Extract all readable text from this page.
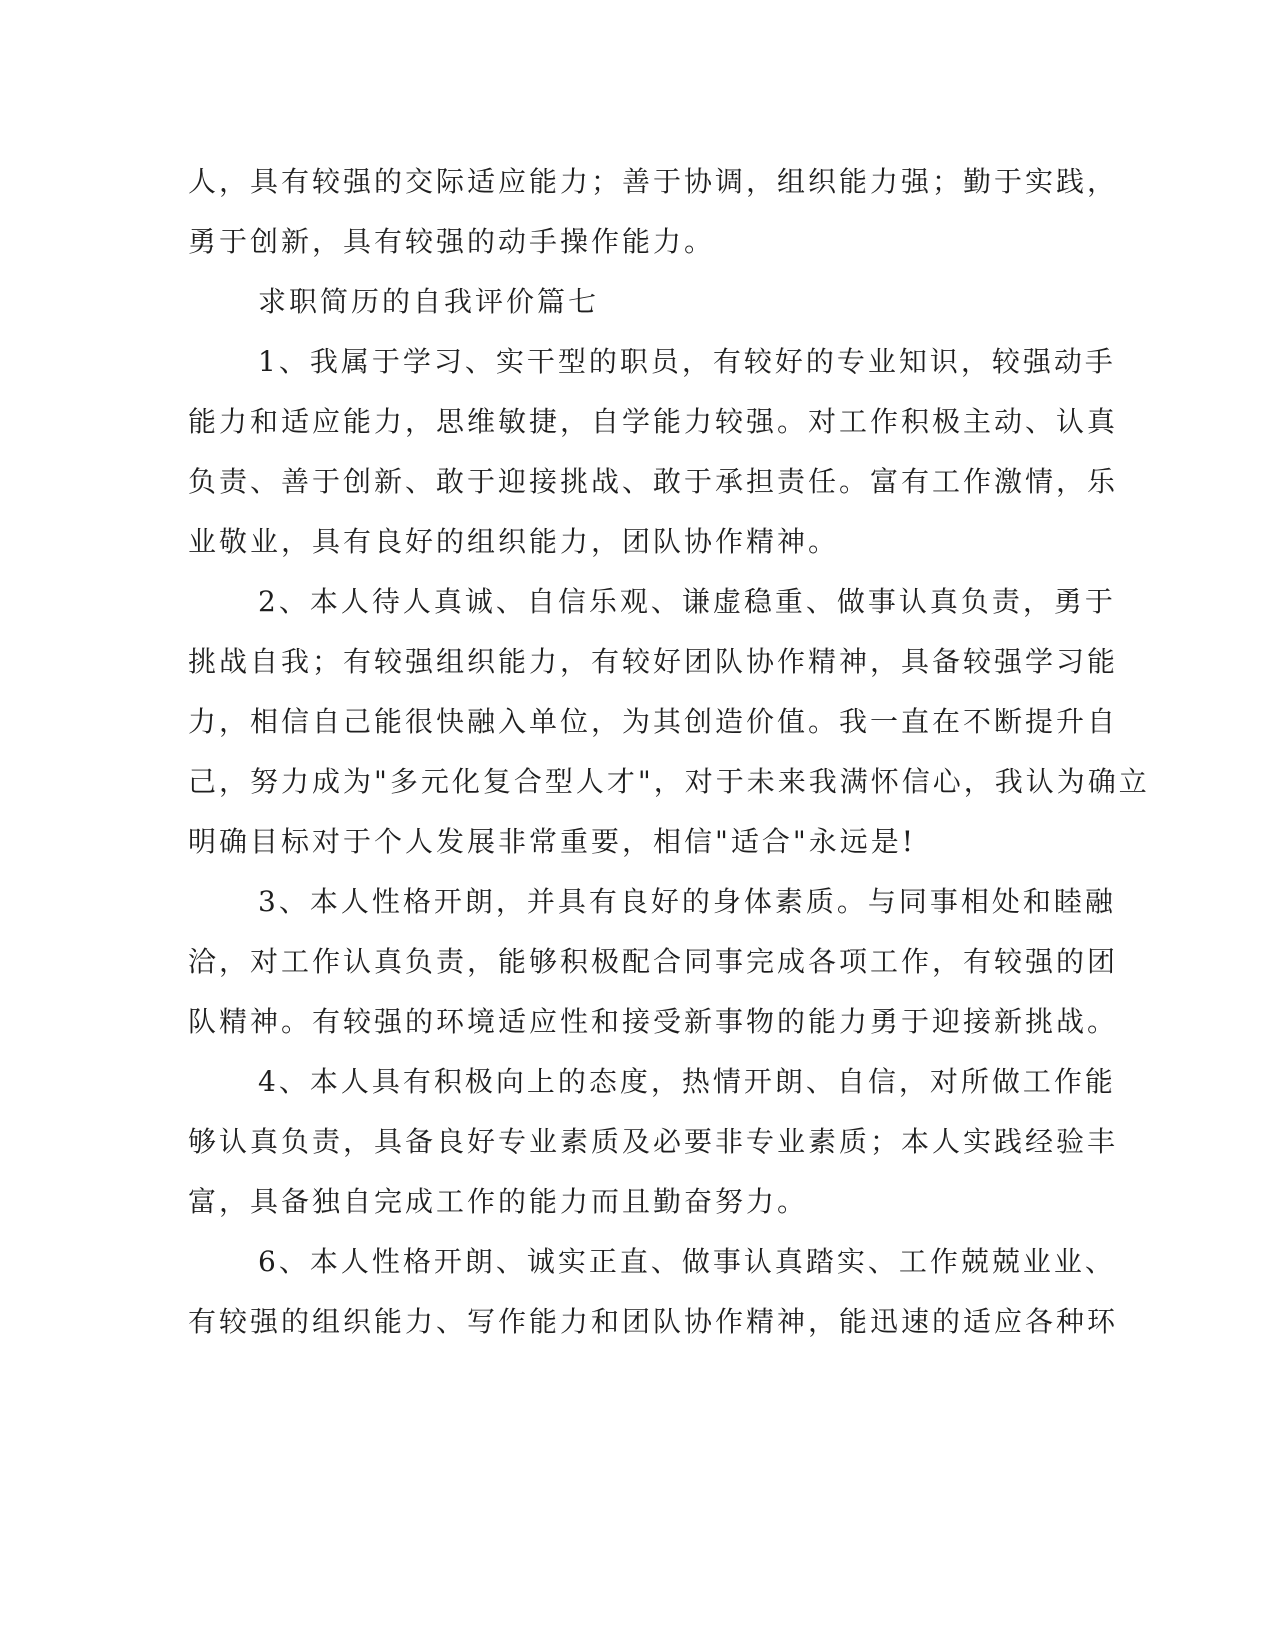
人，具有较强的交际适应能力；善于协调，组织能力强；勤于实践，
勇于创新，具有较强的动手操作能力。
求职简历的自我评价篇七
1、我属于学习、实干型的职员，有较好的专业知识，较强动手
能力和适应能力，思维敏捷，自学能力较强。对工作积极主动、认真
负责、善于创新、敢于迎接挑战、敢于承担责任。富有工作激情，乐
业敬业，具有良好的组织能力，团队协作精神。
2、本人待人真诚、自信乐观、谦虚稳重、做事认真负责，勇于
挑战自我；有较强组织能力，有较好团队协作精神，具备较强学习能
力，相信自己能很快融入单位，为其创造价值。我一直在不断提升自
己，努力成为"多元化复合型人才"，对于未来我满怀信心，我认为确立
明确目标对于个人发展非常重要，相信"适合"永远是!
3、本人性格开朗，并具有良好的身体素质。与同事相处和睦融
洽，对工作认真负责，能够积极配合同事完成各项工作，有较强的团
队精神。有较强的环境适应性和接受新事物的能力勇于迎接新挑战。
4、本人具有积极向上的态度，热情开朗、自信，对所做工作能
够认真负责，具备良好专业素质及必要非专业素质；本人实践经验丰
富，具备独自完成工作的能力而且勤奋努力。
6、本人性格开朗、诚实正直、做事认真踏实、工作兢兢业业、
有较强的组织能力、写作能力和团队协作精神，能迅速的适应各种环
